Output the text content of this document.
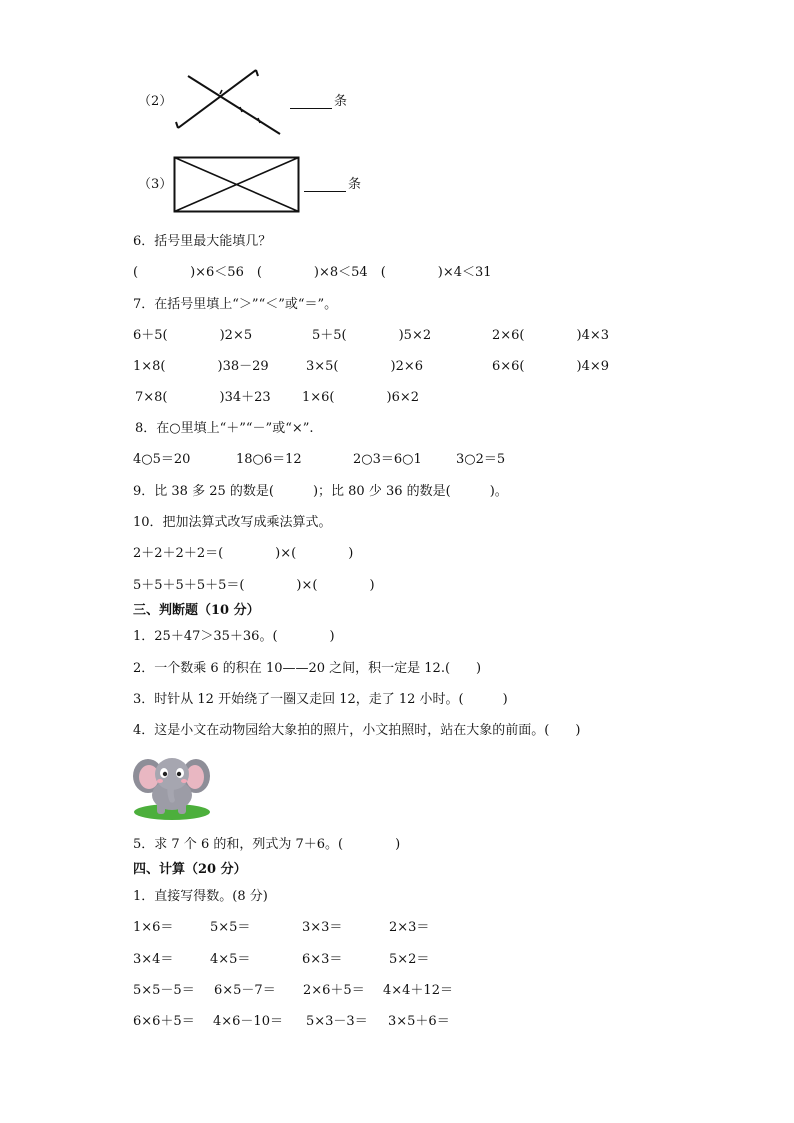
（2）	条
（3）	条
6．括号里最大能填几？
(　　　　)×6＜56　(　　　　)×8＜54　(　　　　)×4＜31
7．在括号里填上“＞”“＜”或“＝”。
6＋5(　　　　)2×5	5＋5(　　　　)5×2	2×6(　　　　)4×3
1×8(　　　　)38－29	3×5(　　　　)2×6	6×6(　　　　)4×9
7×8(　　　　)34＋23 1×6(　　　　)6×2
8．在○里填上“＋”“－”或“×”.
4○5＝20	18○6＝12	2○3＝6○1	3○2＝5
9．比 38 多 25 的数是(　　　)；比 80 少 36 的数是(　　　)。
10．把加法算式改写成乘法算式。
2＋2＋2＋2＝(　　　　)×(　　　　)
5＋5＋5＋5＋5＝(　　　　)×(　　　　)
三、判断题（10 分）
1．25＋47＞35＋36。(　　　　)
2．一个数乘 6 的积在 10——20 之间，积一定是 12.(　　)
3．时针从 12 开始绕了一圈又走回 12，走了 12 小时。(　　　)
4．这是小文在动物园给大象拍的照片，小文拍照时，站在大象的前面。(　　)
5．求 7 个 6 的和，列式为 7＋6。(　　　　)
四、计算（20 分）
1．直接写得数。(8 分)
1×6＝	5×5＝	3×3＝	2×3＝
3×4＝	4×5＝	6×3＝	5×2＝
5×5－5＝ 6×5－7＝ 2×6＋5＝ 4×4＋12＝
6×6＋5＝ 4×6－10＝ 5×3－3＝ 3×5＋6＝
